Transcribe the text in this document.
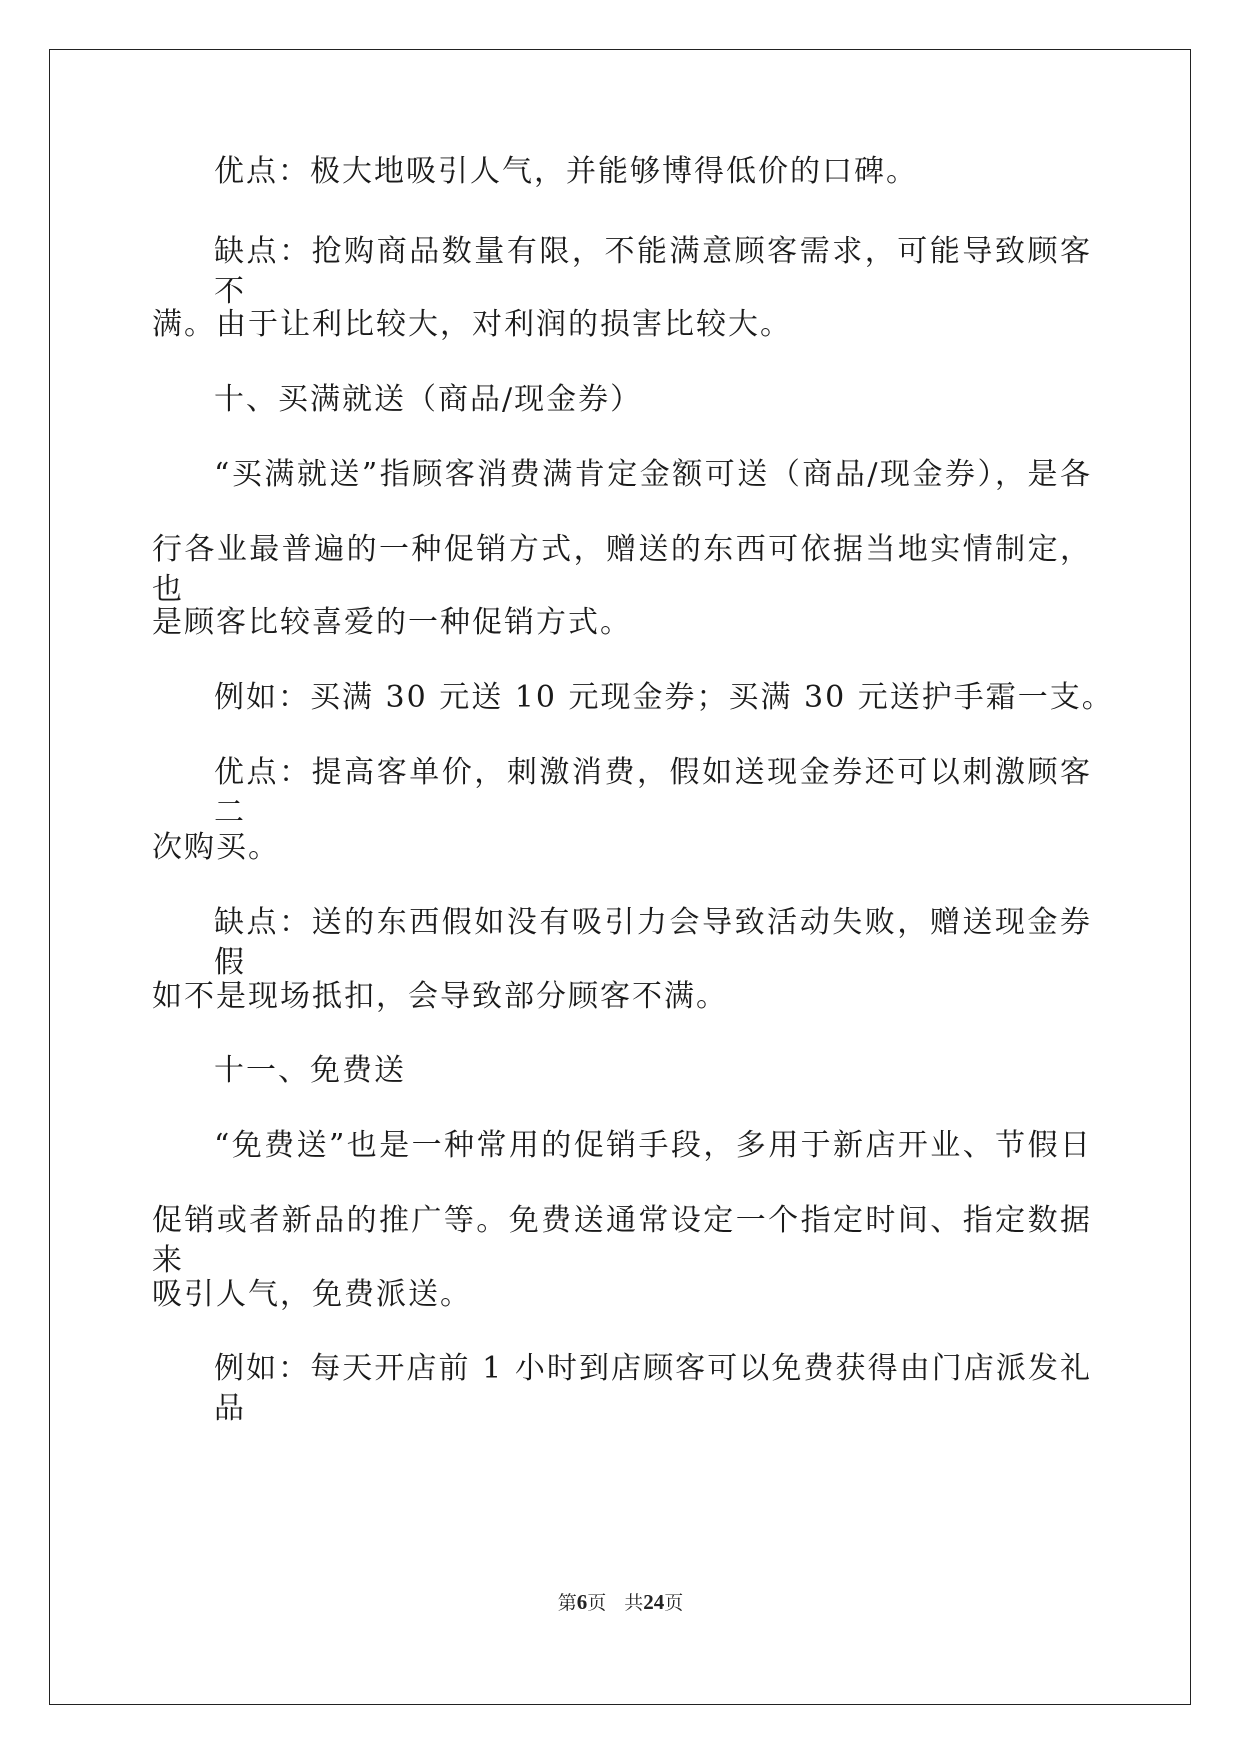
优点：极大地吸引人气，并能够博得低价的口碑。
缺点：抢购商品数量有限，不能满意顾客需求，可能导致顾客不
满。由于让利比较大，对利润的损害比较大。
十、买满就送（商品/现金券）
“买满就送”指顾客消费满肯定金额可送（商品/现金券），是各
行各业最普遍的一种促销方式，赠送的东西可依据当地实情制定，也
是顾客比较喜爱的一种促销方式。
例如：买满 30 元送 10 元现金券；买满 30 元送护手霜一支。
优点：提高客单价，刺激消费，假如送现金券还可以刺激顾客二
次购买。
缺点：送的东西假如没有吸引力会导致活动失败，赠送现金券假
如不是现场抵扣，会导致部分顾客不满。
十一、免费送
“免费送”也是一种常用的促销手段，多用于新店开业、节假日
促销或者新品的推广等。免费送通常设定一个指定时间、指定数据来
吸引人气，免费派送。
例如：每天开店前 1 小时到店顾客可以免费获得由门店派发礼品
第6页 共24页
